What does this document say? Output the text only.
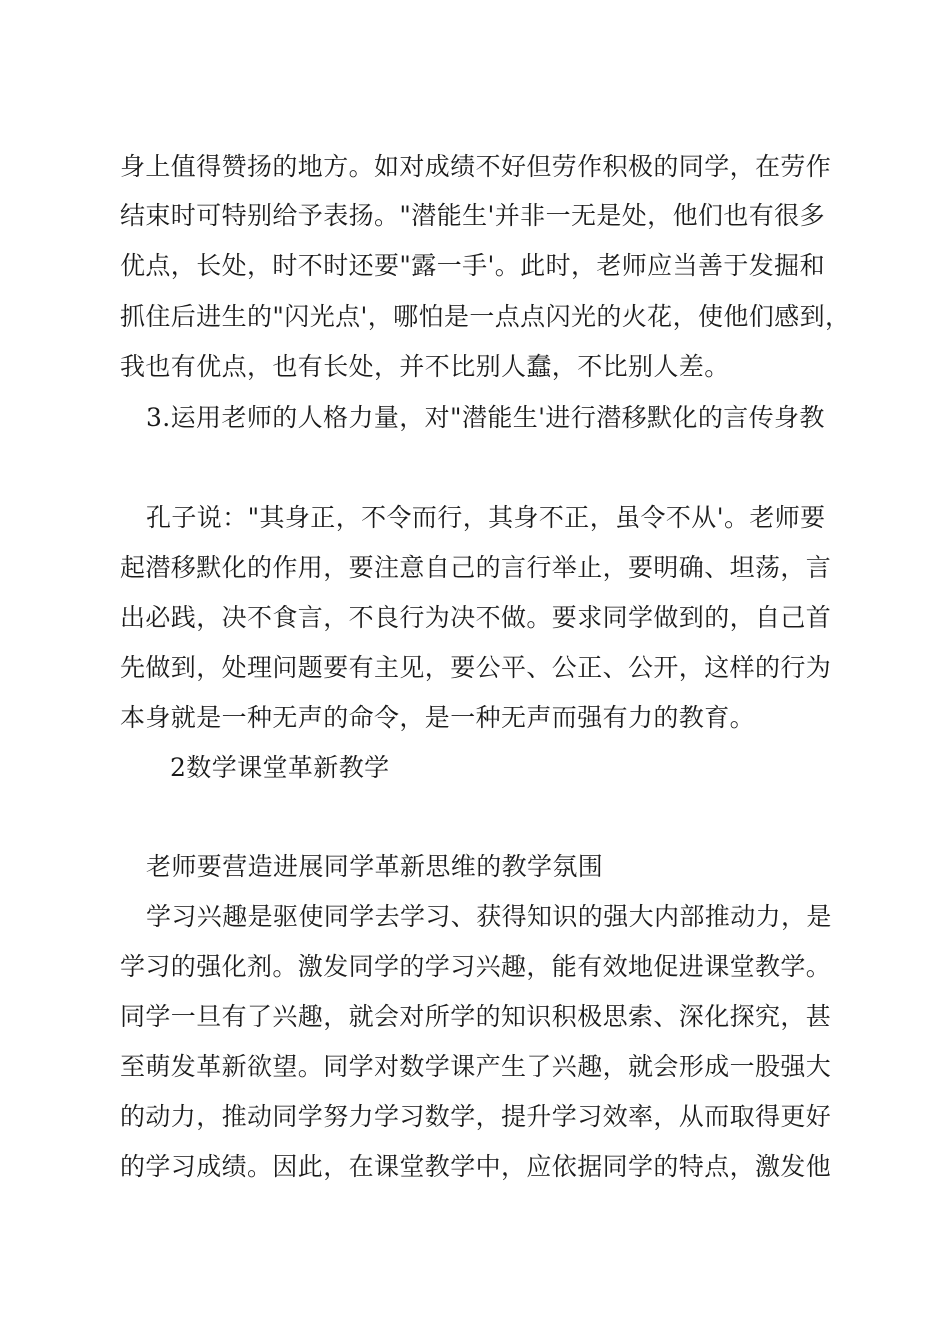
身上值得赞扬的地方。如对成绩不好但劳作积极的同学，在劳作
结束时可特别给予表扬。"潜能生'并非一无是处，他们也有很多
优点，长处，时不时还要"露一手'。此时，老师应当善于发掘和
抓住后进生的"闪光点'，哪怕是一点点闪光的火花，使他们感到，
我也有优点，也有长处，并不比别人蠢，不比别人差。
3.运用老师的人格力量，对"潜能生'进行潜移默化的言传身教
孔子说："其身正，不令而行，其身不正，虽令不从'。老师要
起潜移默化的作用，要注意自己的言行举止，要明确、坦荡，言
出必践，决不食言，不良行为决不做。要求同学做到的，自己首
先做到，处理问题要有主见，要公平、公正、公开，这样的行为
本身就是一种无声的命令，是一种无声而强有力的教育。
2数学课堂革新教学
老师要营造进展同学革新思维的教学氛围
学习兴趣是驱使同学去学习、获得知识的强大内部推动力，是
学习的强化剂。激发同学的学习兴趣，能有效地促进课堂教学。
同学一旦有了兴趣，就会对所学的知识积极思索、深化探究，甚
至萌发革新欲望。同学对数学课产生了兴趣，就会形成一股强大
的动力，推动同学努力学习数学，提升学习效率，从而取得更好
的学习成绩。因此，在课堂教学中，应依据同学的特点，激发他
